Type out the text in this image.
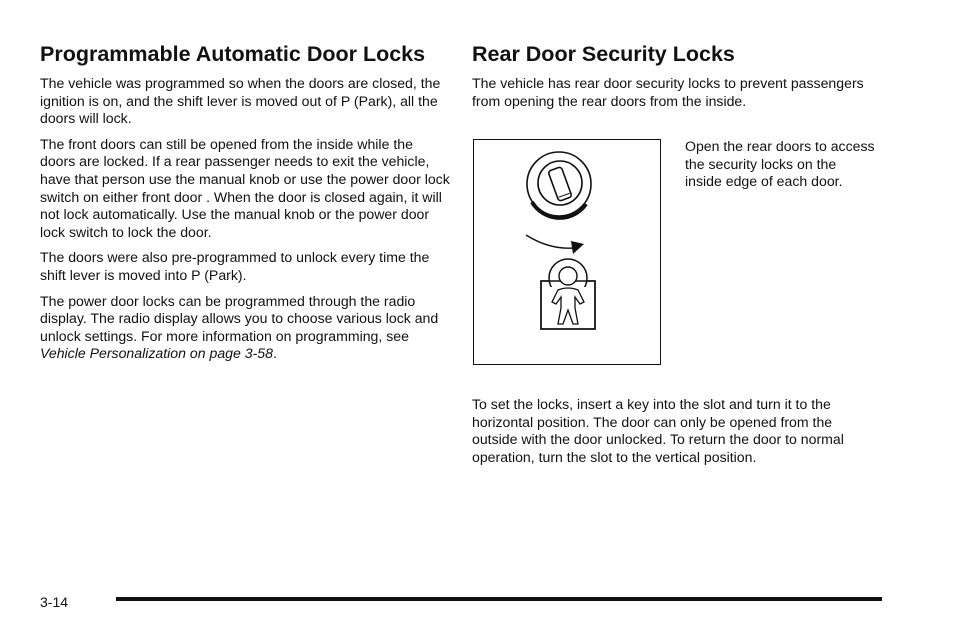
Programmable Automatic Door Locks

The vehicle was programmed so when the doors are closed, the ignition is on, and the shift lever is moved out of P (Park), all the doors will lock.

The front doors can still be opened from the inside while the doors are locked. If a rear passenger needs to exit the vehicle, have that person use the manual knob or use the power door lock switch on either front door . When the door is closed again, it will not lock automatically. Use the manual knob or the power door lock switch to lock the door.

The doors were also pre-programmed to unlock every time the shift lever is moved into P (Park).

The power door locks can be programmed through the radio display. The radio display allows you to choose various lock and unlock settings. For more information on programming, see Vehicle Personalization on page 3-58.

Rear Door Security Locks

The vehicle has rear door security locks to prevent passengers from opening the rear doors from the inside.

Open the rear doors to access the security locks on the inside edge of each door.

To set the locks, insert a key into the slot and turn it to the horizontal position. The door can only be opened from the outside with the door unlocked. To return the door to normal operation, turn the slot to the vertical position.

3-14
